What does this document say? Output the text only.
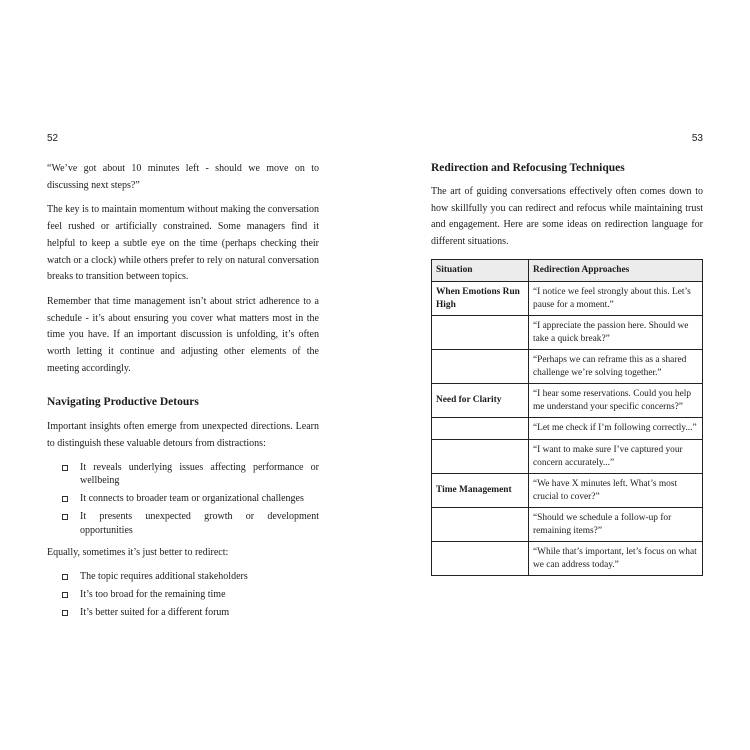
52	53

“We’ve got about 10 minutes left - should we move on to discussing next steps?”

The key is to maintain momentum without making the conversation feel rushed or artificially constrained. Some managers find it helpful to keep a subtle eye on the time (perhaps checking their watch or a clock) while others prefer to rely on natural conversation breaks to transition between topics.

Remember that time management isn’t about strict adherence to a schedule - it’s about ensuring you cover what matters most in the time you have. If an important discussion is unfolding, it’s often worth letting it continue and adjusting other elements of the meeting accordingly.

Navigating Productive Detours

Important insights often emerge from unexpected directions. Learn to distinguish these valuable detours from distractions:

It reveals underlying issues affecting performance or wellbeing
It connects to broader team or organizational challenges
It presents unexpected growth or development opportunities

Equally, sometimes it’s just better to redirect:

The topic requires additional stakeholders
It’s too broad for the remaining time
It’s better suited for a different forum
Redirection and Refocusing Techniques

The art of guiding conversations effectively often comes down to how skillfully you can redirect and refocus while maintaining trust and engagement. Here are some ideas on redirection language for different situations.

Situation	Redirection Approaches
When Emotions Run High	“I notice we feel strongly about this. Let’s pause for a moment.”
	“I appreciate the passion here. Should we take a quick break?”
	“Perhaps we can reframe this as a shared challenge we’re solving together.”
Need for Clarity	“I hear some reservations. Could you help me understand your specific concerns?”
	“Let me check if I’m following correctly...”
	“I want to make sure I’ve captured your concern accurately...”
Time Management	“We have X minutes left. What’s most crucial to cover?”
	“Should we schedule a follow-up for remaining items?”
	“While that’s important, let’s focus on what we can address today.”
